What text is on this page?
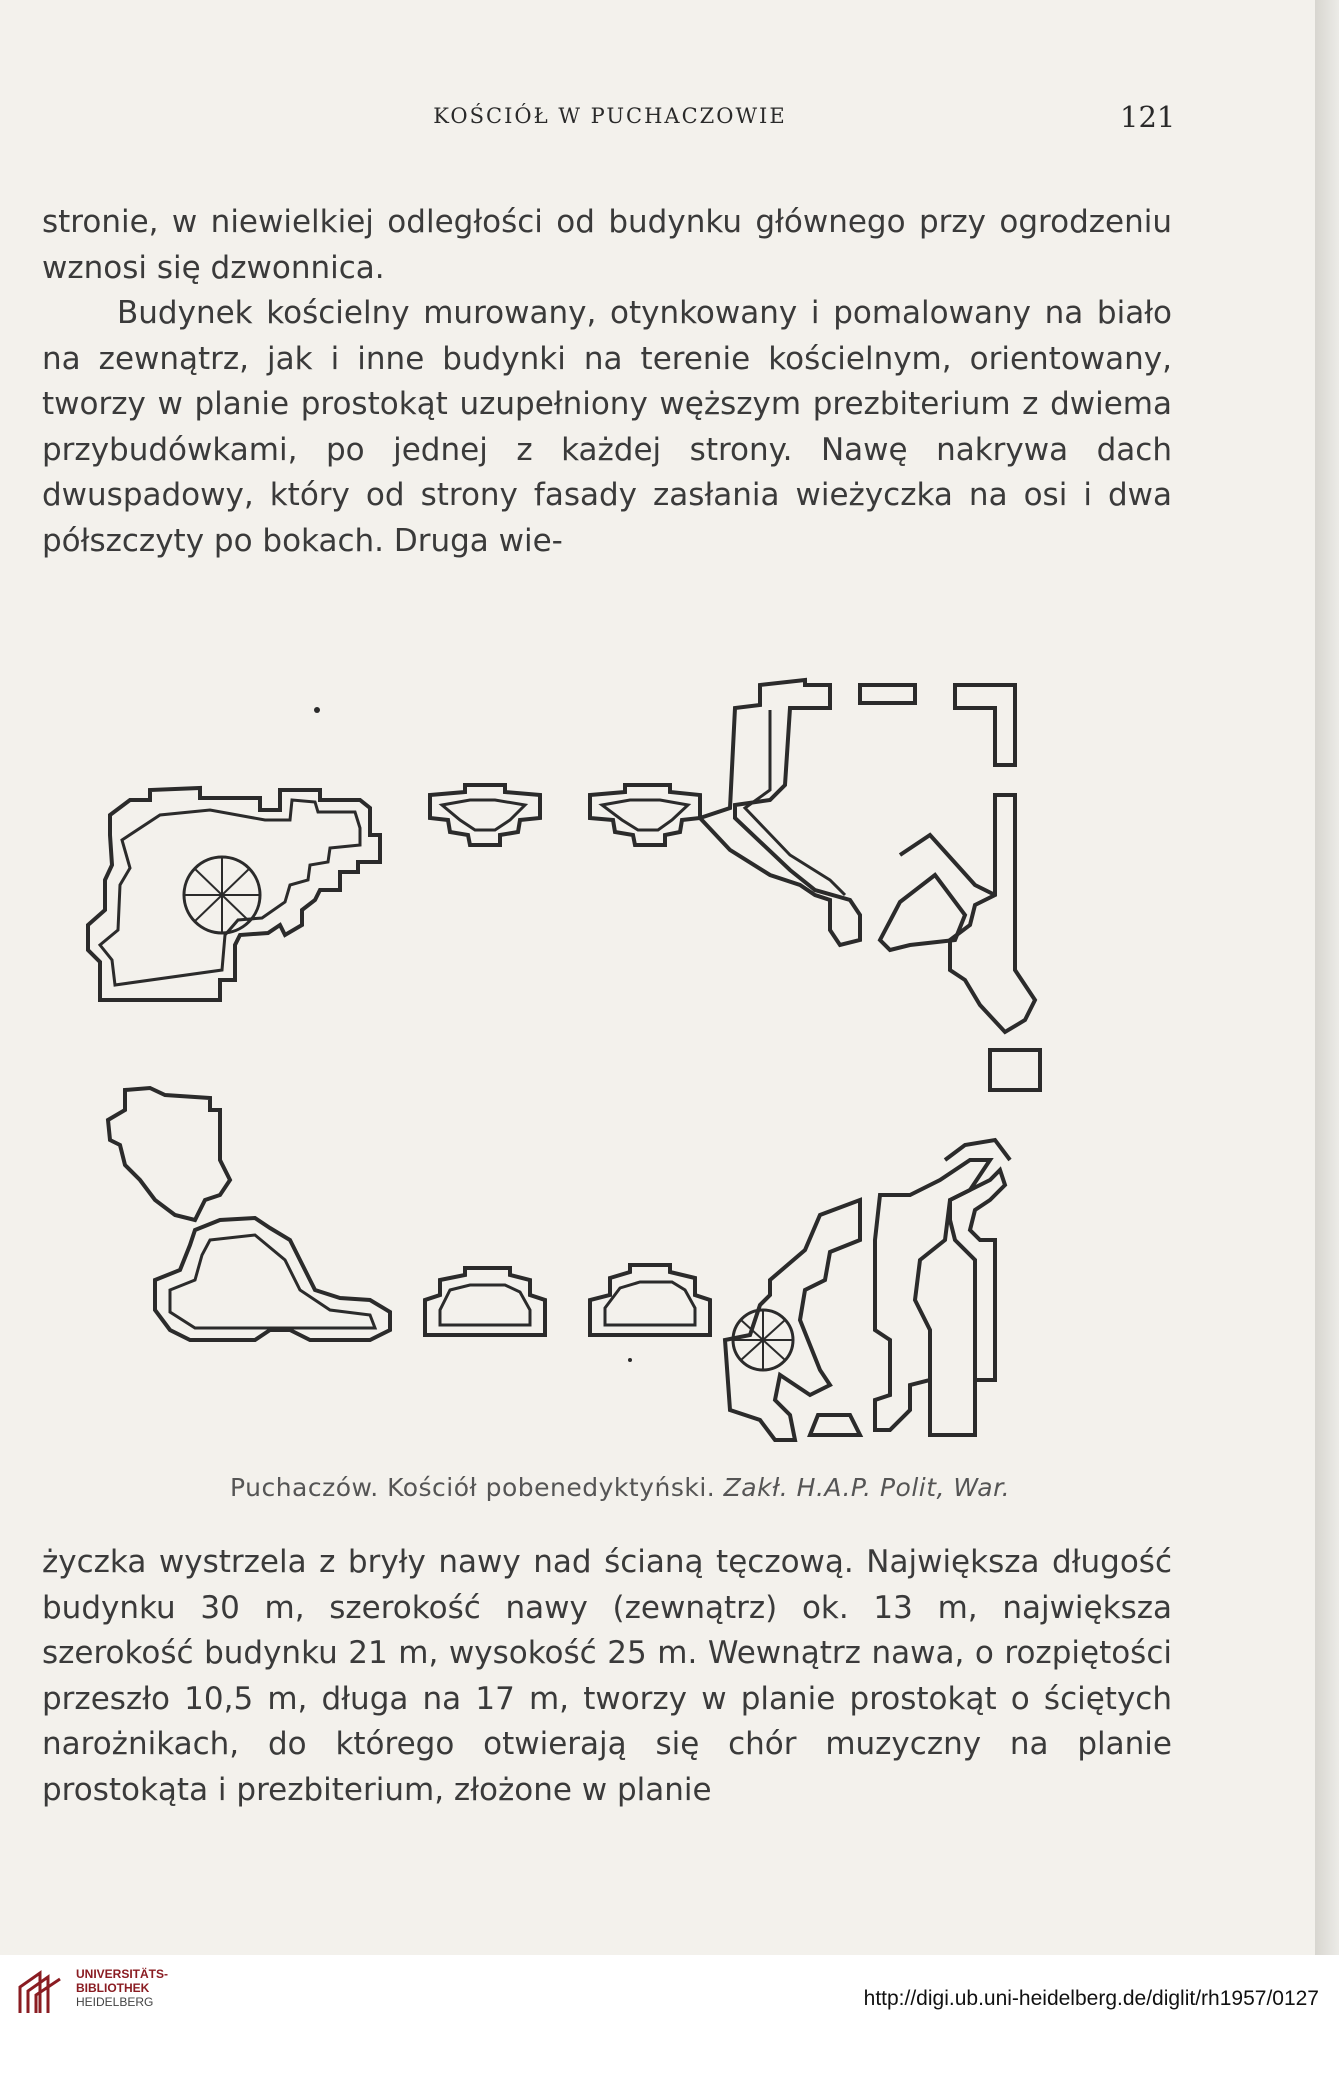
KOŚCIÓŁ W PUCHACZOWIE	121

stronie, w niewielkiej odległości od budynku głównego przy ogrodzeniu wznosi się dzwonnica.

Budynek kościelny murowany, otynkowany i pomalowany na biało na zewnątrz, jak i inne budynki na terenie kościelnym, orientowany, tworzy w planie prostokąt uzupełniony węższym prezbiterium z dwiema przybudówkami, po jednej z każdej strony. Nawę nakrywa dach dwuspadowy, który od strony fasady zasłania wieżyczka na osi i dwa półszczyty po bokach. Druga wie-

Puchaczów. Kościół pobenedyktyński. Zakł. H.A.P. Polit, War.

życzka wystrzela z bryły nawy nad ścianą tęczową. Największa długość budynku 30 m, szerokość nawy (zewnątrz) ok. 13 m, największa szerokość budynku 21 m, wysokość 25 m. Wewnątrz nawa, o rozpiętości przeszło 10,5 m, długa na 17 m, tworzy w planie prostokąt o ściętych narożnikach, do którego otwierają się chór muzyczny na planie prostokąta i prezbiterium, złożone w planie

UNIVERSITÄTS-
BIBLIOTHEK
HEIDELBERG	http://digi.ub.uni-heidelberg.de/diglit/rh1957/0127
